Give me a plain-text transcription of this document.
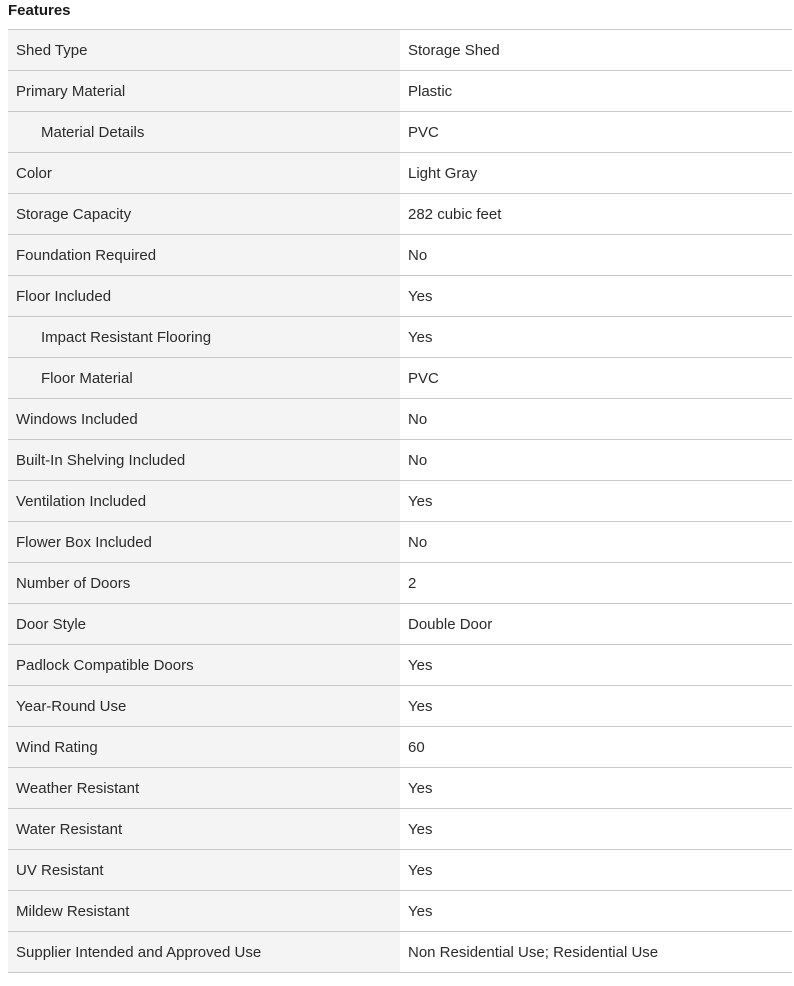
Features
Shed Type	Storage Shed
Primary Material	Plastic
Material Details	PVC
Color	Light Gray
Storage Capacity	282 cubic feet
Foundation Required	No
Floor Included	Yes
Impact Resistant Flooring	Yes
Floor Material	PVC
Windows Included	No
Built-In Shelving Included	No
Ventilation Included	Yes
Flower Box Included	No
Number of Doors	2
Door Style	Double Door
Padlock Compatible Doors	Yes
Year-Round Use	Yes
Wind Rating	60
Weather Resistant	Yes
Water Resistant	Yes
UV Resistant	Yes
Mildew Resistant	Yes
Supplier Intended and Approved Use	Non Residential Use; Residential Use
